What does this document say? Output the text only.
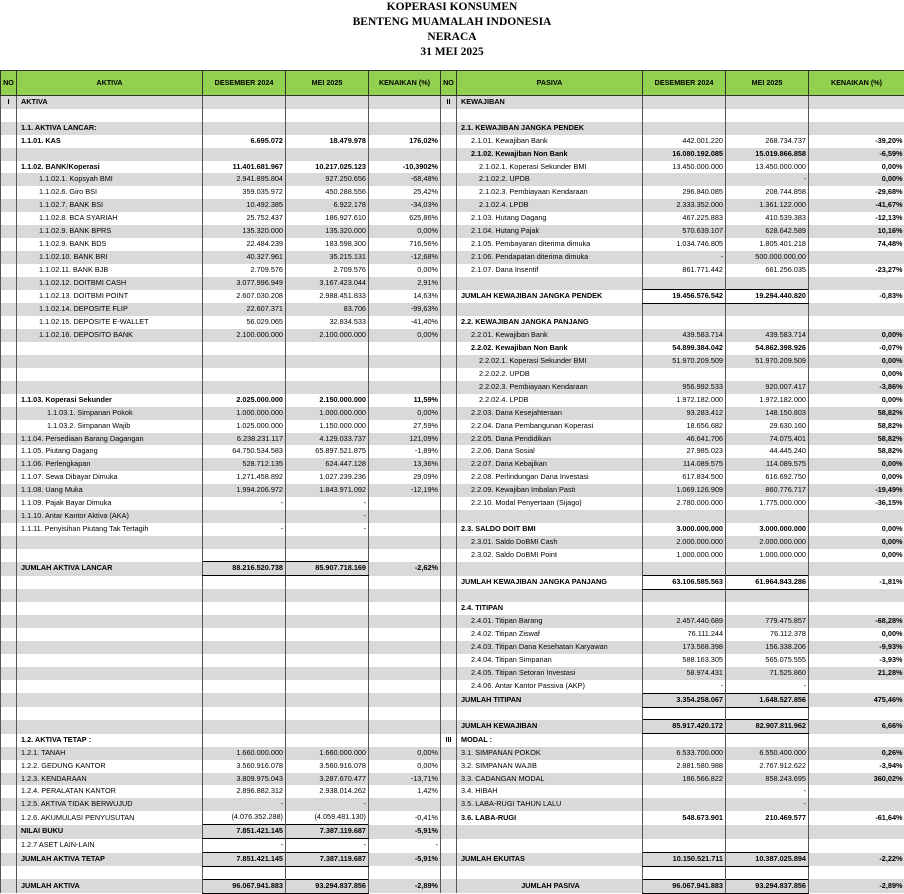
KOPERASI KONSUMEN
BENTENG MUAMALAH INDONESIA
NERACA
31 MEI 2025
NO	AKTIVA	DESEMBER 2024	MEI 2025	KENAIKAN (%)	NO	PASIVA	DESEMBER 2024	MEI 2025	KENAIKAN (%)
I	AKTIVA				II	KEWAJIBAN			

	1.1. AKTIVA LANCAR:					2.1. KEWAJIBAN JANGKA PENDEK			
	1.1.01. KAS	6.695.072	18.479.978	176,02%		2.1.01. Kewajiban Bank	442.001.220	268.734.737	-39,20%
						2.1.02. Kewajiban Non Bank	16.080.192.085	15.019.866.858	-6,59%
	1.1.02. BANK/Koperasi	11.401.681.967	10.217.025.123	-10,3902%		2.1.02.1. Koperasi Sekunder BMI	13.450.000.000	13.450.000.000	0,00%
	1.1.02.1. Kopsyah BMI	2.941.895.804	927.250.656	-68,48%		2.1.02.2. UPDB		-	0,00%
	1.1.02.6. Giro BSI	359.035.972	450.288.556	25,42%		2.1.02.3. Pembiayaan Kendaraan	296.840.085	208.744.858	-29,68%
	1.1.02.7. BANK BSI	10.492.385	6.922.178	-34,03%		2.1.02.4. LPDB	2.333.352.000	1.361.122.000	-41,67%
	1.1.02.8. BCA SYARIAH	25.752.437	186.927.610	625,86%		2.1.03. Hutang Dagang	467.225.883	410.539.383	-12,13%
	1.1.02.9. BANK BPRS	135.320.000	135.320.000	0,00%		2.1.04. Hutang Pajak	570.639.107	628.642.589	10,16%
	1.1.02.9. BANK BDS	22.484.239	183.598.300	716,56%		2.1.05. Pembayaran diterima dimuka	1.034.746.805	1.805.401.218	74,48%
	1.1.02.10. BANK BRI	40.327.961	35.215.131	-12,68%		2.1.06. Pendapatan diterima dimuka	-	500.000.000,00	
	1.1.02.11. BANK BJB	2.709.576	2.709.576	0,00%		2.1.07. Dana Insentif	861.771.442	661.256.035	-23,27%
	1.1.02.12. DOITBMI CASH	3.077.996.949	3.167.423.044	2,91%					
	1.1.02.13. DOITBMI POINT	2.607.030.208	2.988.451.833	14,63%		JUMLAH KEWAJIBAN JANGKA PENDEK	19.456.576.542	19.294.440.820	-0,83%
	1.1.02.14. DEPOSITE FLIP	22.607.371	83.706	-99,63%					
	1.1.02.15. DEPOSITE E-WALLET	56.029.065	32.834.533	-41,40%		2.2. KEWAJIBAN JANGKA PANJANG			
	1.1.02.16. DEPOSITO BANK	2.100.000.000	2.100.000.000	0,00%		2.2.01. Kewajiban Bank	439.583.714	439.583.714	0,00%
						2.2.02. Kewajiban Non Bank	54.899.384.042	54.862.398.926	-0,07%
						2.2.02.1. Koperasi Sekunder BMI	51.970.209.509	51.970.209.509	0,00%
						2.2.02.2. UPDB			0,00%
						2.2.02.3. Pembiayaan Kendaraan	956.992.533	920.007.417	-3,86%
	1.1.03. Koperasi Sekunder	2.025.000.000	2.150.000.000	11,59%		2.2.02.4. LPDB	1.972.182.000	1.972.182.000	0,00%
	1.1.03.1. Simpanan Pokok	1.000.000.000	1.000.000.000	0,00%		2.2.03. Dana Kesejahteraan	93.283.412	148.150.803	58,82%
	1.1.03.2. Simpanan Wajib	1.025.000.000	1.150.000.000	27,59%		2.2.04. Dana Pembangunan Koperasi	18.656.682	29.630.160	58,82%
	1.1.04. Persediaan Barang Dagangan	6.238.231.117	4.129.033.737	121,09%		2.2.05. Dana Pendidikan	46.641.706	74.075.401	58,82%
	1.1.05. Piutang Dagang	64.750.534.583	65.897.521.875	-1,89%		2.2.06. Dana Sosial	27.985.023	44.445.240	58,82%
	1.1.06. Perlengkapan	528.712.135	624.447.128	13,36%		2.2.07. Dana Kebajikan	114.089.575	114.089.575	0,00%
	1.1.07. Sewa Dibayar Dimuka	1.271.458.892	1.027.239.236	29,09%		2.2.08. Perlindungan Dana Investasi	617.834.500	616.692.750	0,00%
	1.1.08. Uang Muka	1.994.206.972	1.843.971.092	-12,19%		2.2.09. Kewajiban Imbalan Pasti	1.069.126.909	860.776.717	-19,49%
	1.1.09. Pajak Bayar Dimuka	-	-			2.2.10. Modal Penyertaan (Sijago)	2.780.000.000	1.775.000.000	-36,15%
	1.1.10. Antar Kantor Aktiva (AKA)		-						
	1.1.11. Penyisihan Piutang Tak Tertagih	-	-			2.3. SALDO DOIT BMI	3.000.000.000	3.000.000.000	0,00%
						2.3.01. Saldo DoBMI Cash	2.000.000.000	2.000.000.000	0,00%
						2.3.02. Saldo DoBMI Point	1.000.000.000	1.000.000.000	0,00%
	JUMLAH AKTIVA LANCAR	88.216.520.738	85.907.718.169	-2,62%					
						JUMLAH KEWAJIBAN JANGKA PANJANG	63.106.585.563	61.964.843.286	-1,81%

						2.4. TITIPAN			
						2.4.01. Titipan Barang	2.457.440.689	779.475.857	-68,28%
						2.4.02. Titipan Ziswaf	76.111.244	76.112.378	0,00%
						2.4.03. Titipan Dana Kesehatan Karyawan	173.568.398	156.338.206	-9,93%
						2.4.04. Titipan Simpanan	588.163.305	565.075.555	-3,93%
						2.4.05. Titipan Setoran Investasi	58.974.431	71.525.860	21,28%
						2.4.06. Antar Kantor Passiva (AKP)	-	-	
						JUMLAH TITIPAN	3.354.258.067	1.648.527.856	475,46%

						JUMLAH KEWAJIBAN	85.917.420.172	82.907.811.962	6,66%
	1.2. AKTIVA TETAP :				III	MODAL :			
	1.2.1. TANAH	1.660.000.000	1.660.000.000	0,00%		3.1. SIMPANAN POKOK	6.533.700.000	6.550.400.000	0,26%
	1.2.2. GEDUNG KANTOR	3.560.916.078	3.560.916.078	0,00%		3.2. SIMPANAN WAJIB	2.881.580.988	2.767.912.622	-3,94%
	1.2.3. KENDARAAN	3.809.975.043	3.287.670.477	-13,71%		3.3. CADANGAN MODAL	186.566.822	858.243.695	360,02%
	1.2.4. PERALATAN KANTOR	2.896.882.312	2.938.014.262	1,42%		3.4. HIBAH		-	
	1.2.5. AKTIVA TIDAK BERWUJUD	-	-			3.5. LABA-RUGI TAHUN LALU		-	
	1.2.6. AKUMULASI PENYUSUTAN	(4.076.352.288)	(4.059.481.130)	-0,41%		3.6. LABA-RUGI	548.673.901	210.469.577	-61,64%
	NILAI BUKU	7.851.421.145	7.387.119.687	-5,91%					
	1.2.7 ASET LAIN-LAIN	-	-	-					
	JUMLAH AKTIVA TETAP	7.851.421.145	7.387.119.687	-5,91%		JUMLAH EKUITAS	10.150.521.711	10.387.025.894	-2,22%

	JUMLAH AKTIVA	96.067.941.883	93.294.837.856	-2,89%		JUMLAH PASIVA	96.067.941.883	93.294.837.856	-2,89%
